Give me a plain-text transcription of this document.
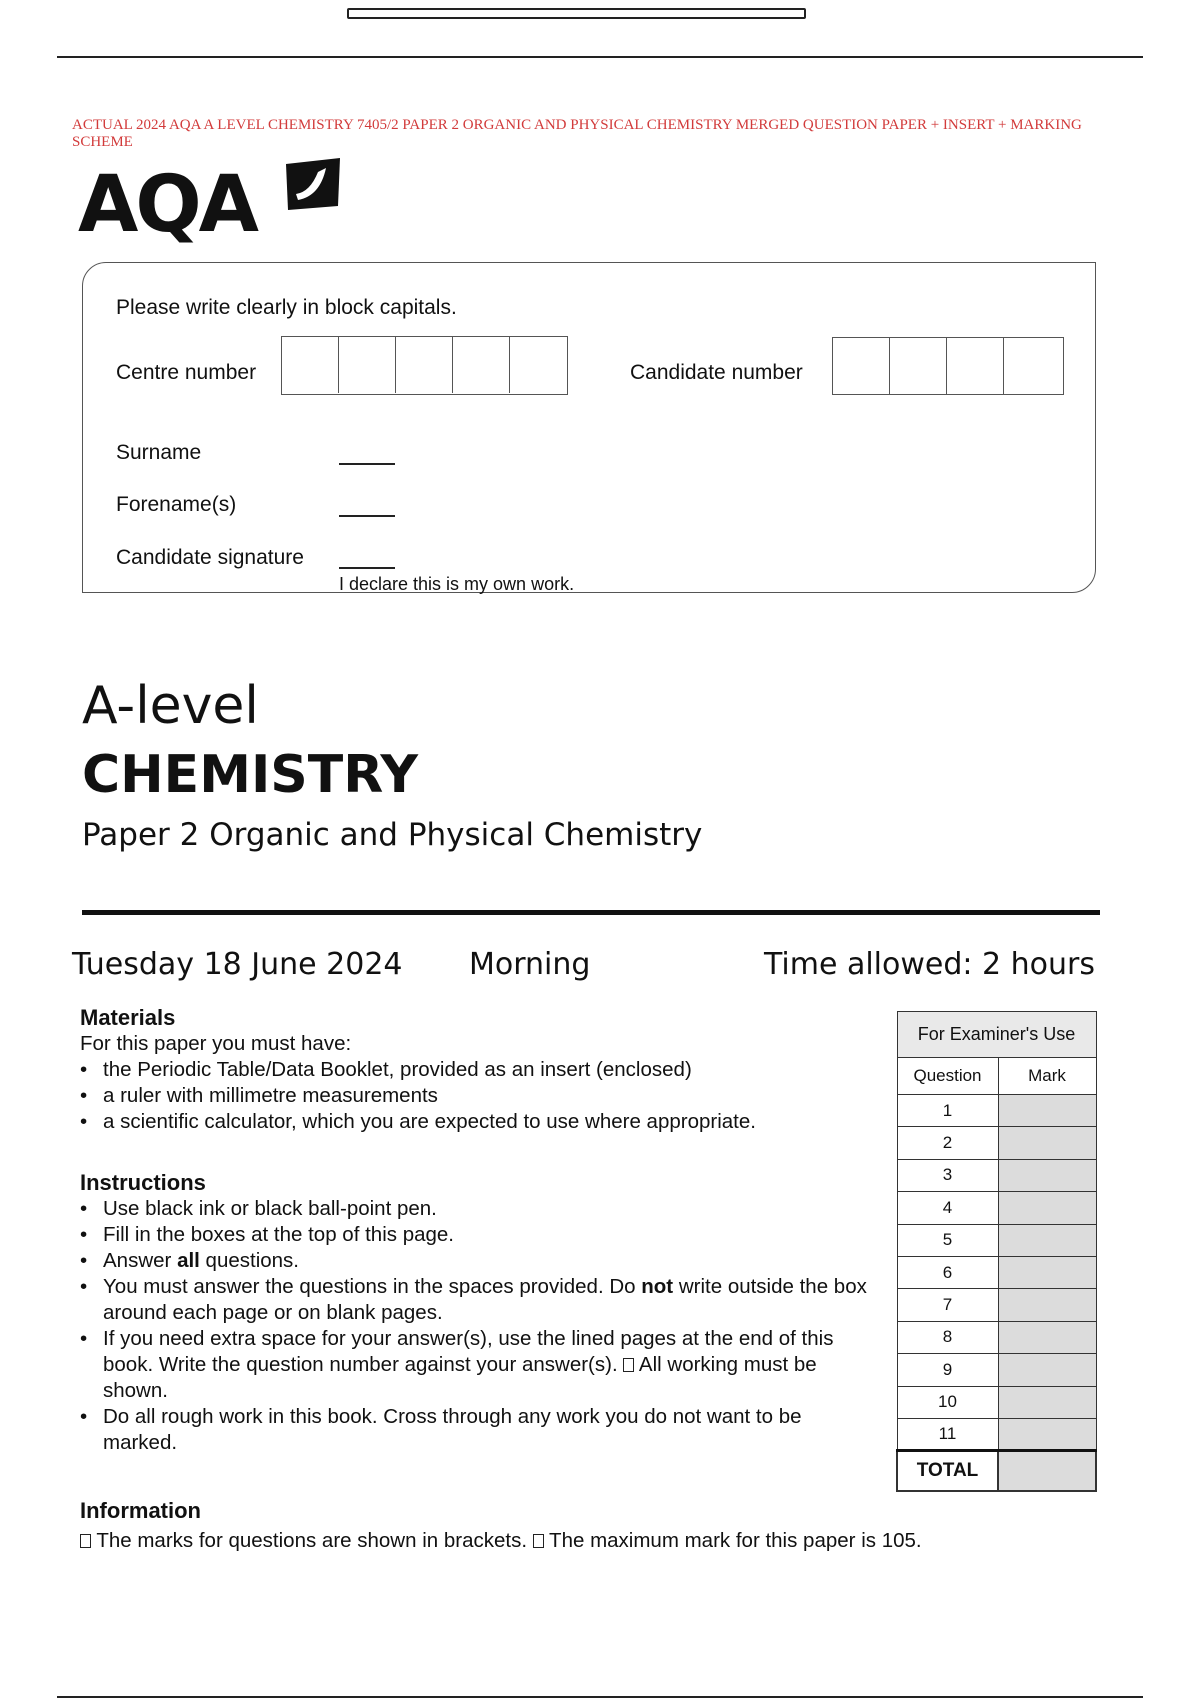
ACTUAL 2024 AQA A LEVEL CHEMISTRY 7405/2 PAPER 2 ORGANIC AND PHYSICAL CHEMISTRY MERGED QUESTION PAPER + INSERT + MARKING SCHEME
AQA
Please write clearly in block capitals.
Centre number	Candidate number
Surname
Forename(s)
Candidate signature
I declare this is my own work.
A-level
CHEMISTRY
Paper 2 Organic and Physical Chemistry
Tuesday 18 June 2024 Morning	Time allowed: 2 hours
Materials
For this paper you must have:
• the Periodic Table/Data Booklet, provided as an insert (enclosed)
• a ruler with millimetre measurements
• a scientific calculator, which you are expected to use where appropriate.
Instructions
• Use black ink or black ball-point pen.
• Fill in the boxes at the top of this page.
• Answer all questions.
• You must answer the questions in the spaces provided. Do not write outside the box around each page or on blank pages.
• If you need extra space for your answer(s), use the lined pages at the end of this book. Write the question number against your answer(s).  All working must be shown.
• Do all rough work in this book. Cross through any work you do not want to be marked.
Information
The marks for questions are shown in brackets.  The maximum mark for this paper is 105.
For Examiner's Use	
Question	Mark
1	
2	
3	
4	
5	
6	
7	
8	
9	
10	
11	
TOTAL	
